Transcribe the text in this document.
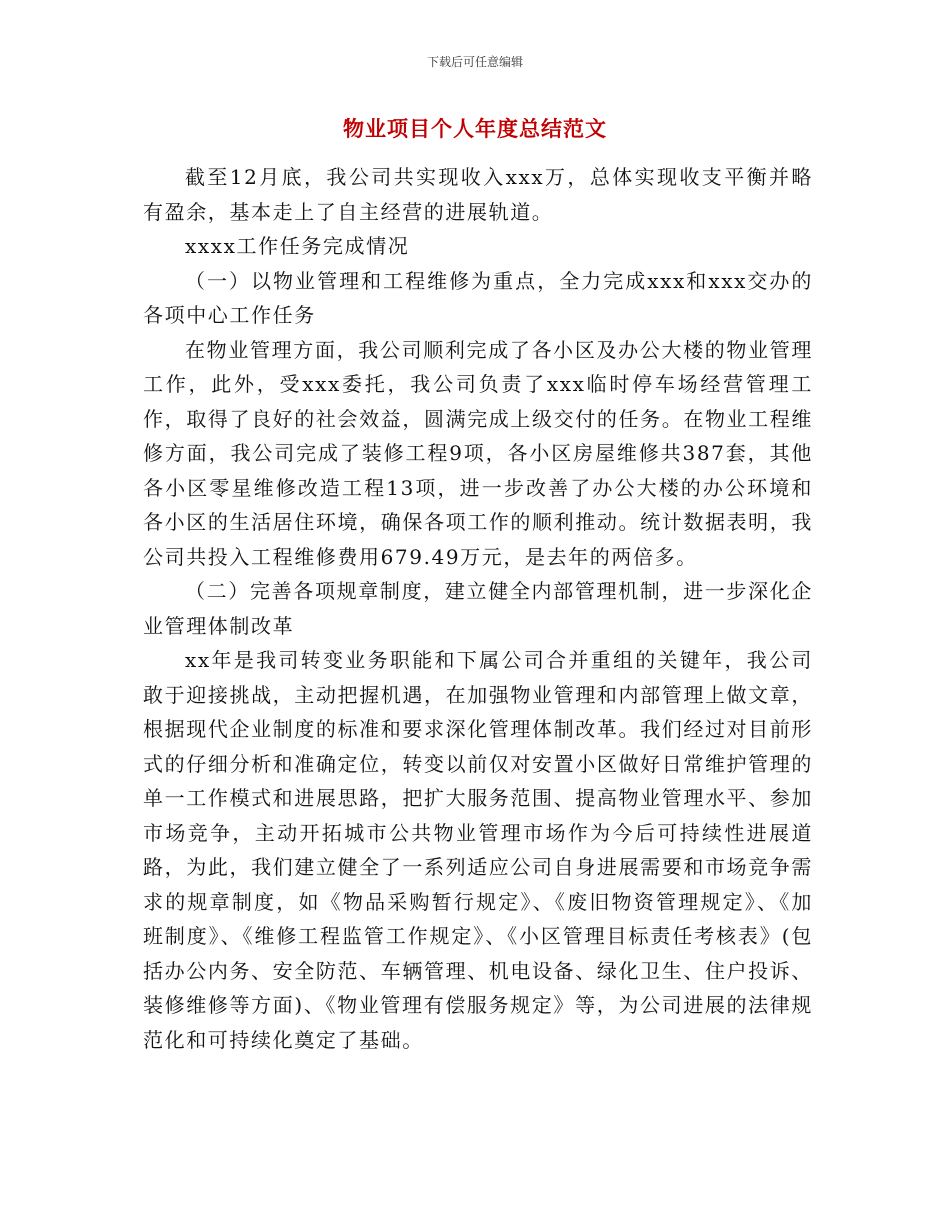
下载后可任意编辑
物业项目个人年度总结范文

截至12月底，我公司共实现收入xxx万，总体实现收支平衡并略有盈余，基本走上了自主经营的进展轨道。

xxxx工作任务完成情况

（一）以物业管理和工程维修为重点，全力完成xxx和xxx交办的各项中心工作任务

在物业管理方面，我公司顺利完成了各小区及办公大楼的物业管理工作，此外，受xxx委托，我公司负责了xxx临时停车场经营管理工作，取得了良好的社会效益，圆满完成上级交付的任务。在物业工程维修方面，我公司完成了装修工程9项，各小区房屋维修共387套，其他各小区零星维修改造工程13项，进一步改善了办公大楼的办公环境和各小区的生活居住环境，确保各项工作的顺利推动。统计数据表明，我公司共投入工程维修费用679.49万元，是去年的两倍多。

（二）完善各项规章制度，建立健全内部管理机制，进一步深化企业管理体制改革

xx年是我司转变业务职能和下属公司合并重组的关键年，我公司敢于迎接挑战，主动把握机遇，在加强物业管理和内部管理上做文章，根据现代企业制度的标准和要求深化管理体制改革。我们经过对目前形式的仔细分析和准确定位，转变以前仅对安置小区做好日常维护管理的单一工作模式和进展思路，把扩大服务范围、提高物业管理水平、参加市场竞争，主动开拓城市公共物业管理市场作为今后可持续性进展道路，为此，我们建立健全了一系列适应公司自身进展需要和市场竞争需求的规章制度，如《物品采购暂行规定》、《废旧物资管理规定》、《加班制度》、《维修工程监管工作规定》、《小区管理目标责任考核表》(包括办公内务、安全防范、车辆管理、机电设备、绿化卫生、住户投诉、装修维修等方面)、《物业管理有偿服务规定》等，为公司进展的法律规范化和可持续化奠定了基础。
